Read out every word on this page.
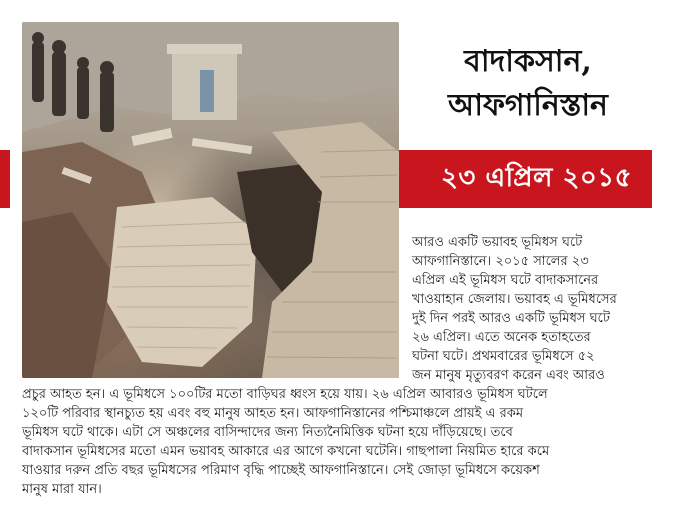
বাদাকসান,
আফগানিস্তান
২৩ এপ্রিল ২০১৫
আরও একটি ভয়াবহ ভূমিধস ঘটে
আফগানিস্তানে। ২০১৫ সালের ২৩
এপ্রিল এই ভূমিধস ঘটে বাদাকসানের
খাওয়াহান জেলায়। ভয়াবহ এ ভূমিধসের
দুই দিন পরই আরও একটি ভূমিধস ঘটে
২৬ এপ্রিল। এতে অনেক হতাহতের
ঘটনা ঘটে। প্রথমবারের ভূমিধসে ৫২
জন মানুষ মৃত্যুবরণ করেন এবং আরও
প্রচুর আহত হন। এ ভূমিধসে ১০০টির মতো বাড়িঘর ধ্বংস হয়ে যায়। ২৬ এপ্রিল আবারও ভূমিধস ঘটলে
১২০টি পরিবার স্থানচ্যুত হয় এবং বহু মানুষ আহত হন। আফগানিস্তানের পশ্চিমাঞ্চলে প্রায়ই এ রকম
ভূমিধস ঘটে থাকে। এটা সে অঞ্চলের বাসিন্দাদের জন্য নিত্যনৈমিত্তিক ঘটনা হয়ে দাঁড়িয়েছে। তবে
বাদাকসান ভূমিধসের মতো এমন ভয়াবহ আকারে এর আগে কখনো ঘটেনি। গাছপালা নিয়মিত হারে কমে
যাওয়ার দরুন প্রতি বছর ভূমিধসের পরিমাণ বৃদ্ধি পাচ্ছেই আফগানিস্তানে। সেই জোড়া ভূমিধসে কয়েকশ
মানুষ মারা যান।
